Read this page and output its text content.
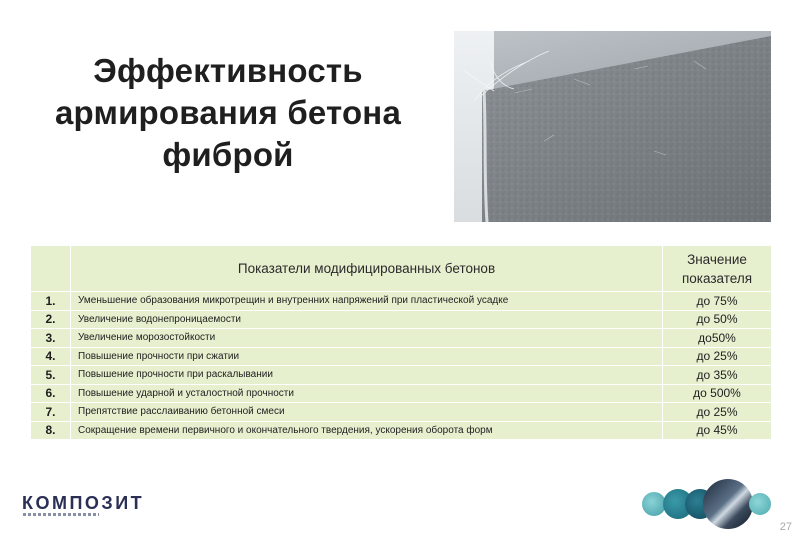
Эффективность армирования бетона фиброй
	Показатели модифицированных бетонов	Значение показателя
1.	Уменьшение образования микротрещин и внутренних напряжений при пластической усадке	до 75%
2.	Увеличение водонепроницаемости	до 50%
3.	Увеличение морозостойкости	до50%
4.	Повышение прочности при сжатии	до 25%
5.	Повышение прочности при раскалывании	до 35%
6.	Повышение ударной и усталостной прочности	до 500%
7.	Препятствие расслаиванию бетонной смеси	до 25%
8.	Сокращение времени первичного и окончательного твердения, ускорения оборота форм	до 45%
КОМПОЗИТ
27
